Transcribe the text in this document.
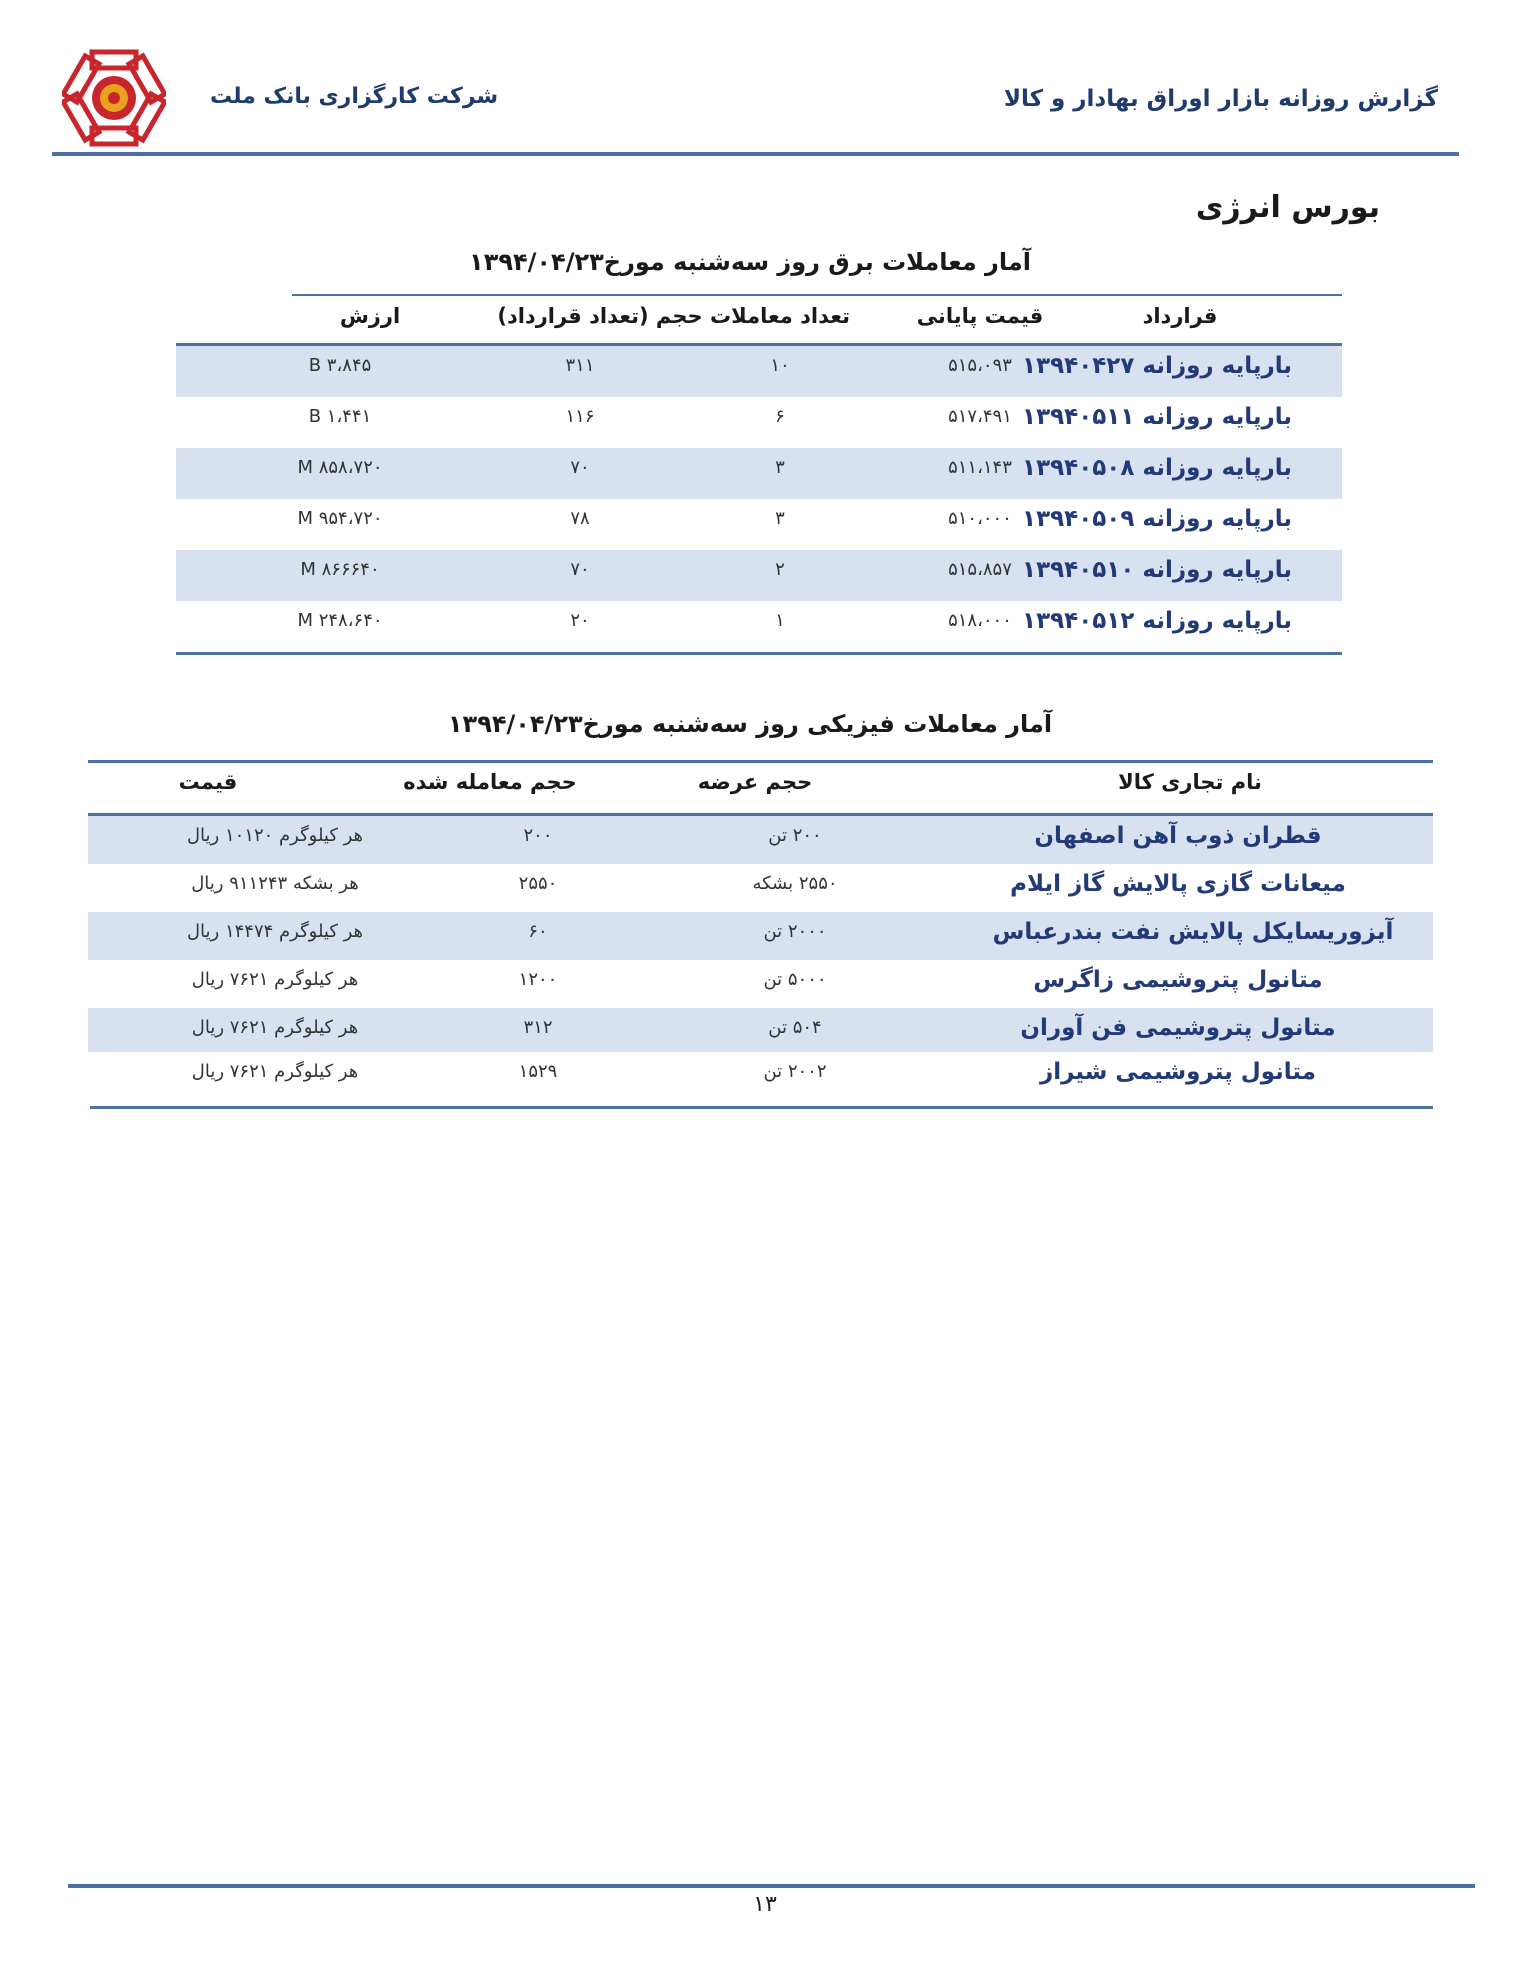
شرکت کارگزاری بانک ملت	گزارش روزانه بازار اوراق بهادار و کالا
بورس انرژی
آمار معاملات برق روز سه‌شنبه مورخ۱۳۹۴/۰۴/۲۳
قرارداد
قیمت پایانی
تعداد معاملات
حجم (تعداد قرارداد)
ارزش
بارپایه روزانه ۱۳۹۴۰۴۲۷
۵۱۵،۰۹۳
۱۰
۳۱۱
۳،۸۴۵ B
بارپایه روزانه ۱۳۹۴۰۵۱۱
۵۱۷،۴۹۱
۶
۱۱۶
۱،۴۴۱ B
بارپایه روزانه ۱۳۹۴۰۵۰۸
۵۱۱،۱۴۳
۳
۷۰
۸۵۸،۷۲۰ M
بارپایه روزانه ۱۳۹۴۰۵۰۹
۵۱۰،۰۰۰
۳
۷۸
۹۵۴،۷۲۰ M
بارپایه روزانه ۱۳۹۴۰۵۱۰
۵۱۵،۸۵۷
۲
۷۰
۸۶۶۶۴۰ M
بارپایه روزانه ۱۳۹۴۰۵۱۲
۵۱۸،۰۰۰
۱
۲۰
۲۴۸،۶۴۰ M
آمار معاملات فیزیکی روز سه‌شنبه مورخ۱۳۹۴/۰۴/۲۳
نام تجاری کالا
حجم عرضه
حجم معامله شده
قیمت
قطران ذوب آهن اصفهان
۲۰۰ تن
۲۰۰
هر کیلوگرم ۱۰۱۲۰ ریال
میعانات گازی پالایش گاز ایلام
۲۵۵۰ بشکه
۲۵۵۰
هر بشکه ۹۱۱۲۴۳ ریال
آیزوریسایکل پالایش نفت بندرعباس
۲۰۰۰ تن
۶۰
هر کیلوگرم ۱۴۴۷۴ ریال
متانول پتروشیمی زاگرس
۵۰۰۰ تن
۱۲۰۰
هر کیلوگرم ۷۶۲۱ ریال
متانول پتروشیمی فن آوران
۵۰۴ تن
۳۱۲
هر کیلوگرم ۷۶۲۱ ریال
متانول پتروشیمی شیراز
۲۰۰۲ تن
۱۵۲۹
هر کیلوگرم ۷۶۲۱ ریال
۱۳
